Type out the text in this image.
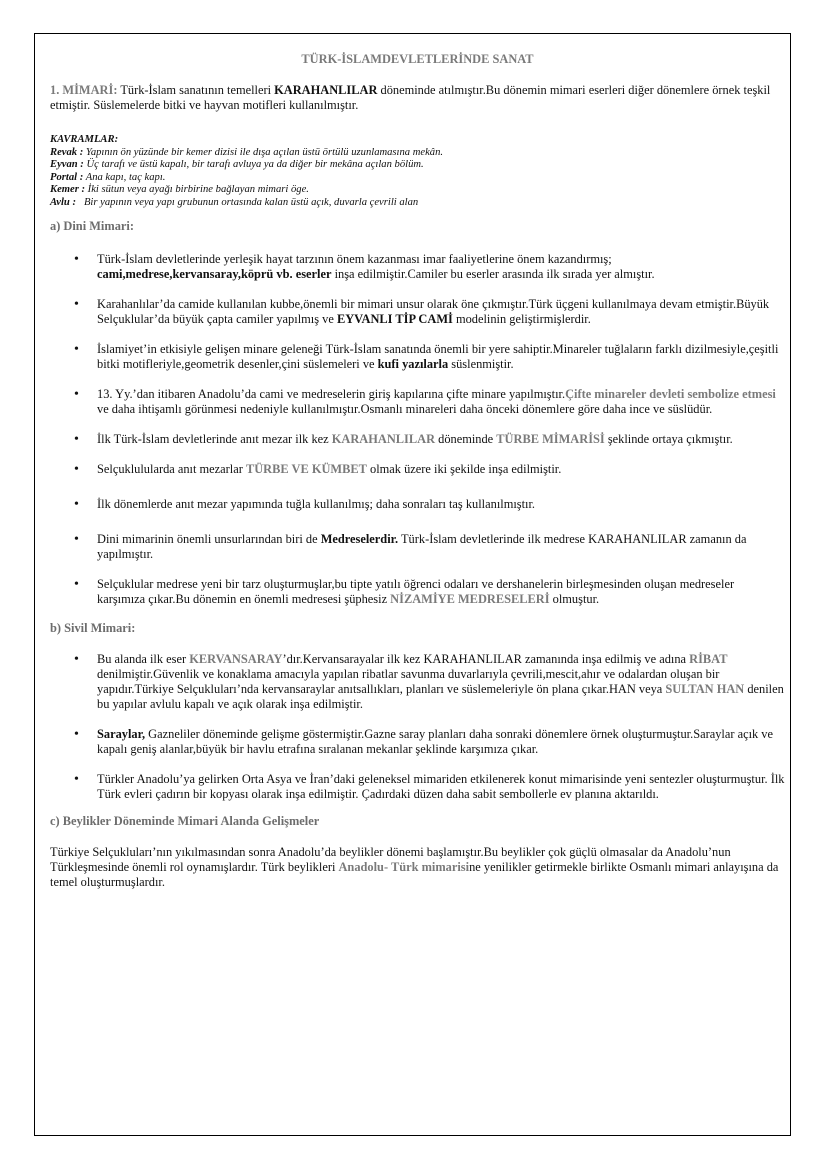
TÜRK-İSLAMDEVLETLERİNDE SANAT

1. MİMARİ: Türk-İslam sanatının temelleri KARAHANLILAR döneminde atılmıştır.Bu dönemin mimari eserleri diğer dönemlere örnek teşkil etmiştir. Süslemelerde bitki ve hayvan motifleri kullanılmıştır.

KAVRAMLAR:
Revak : Yapının ön yüzünde bir kemer dizisi ile dışa açılan üstü örtülü uzunlamasına mekân.
Eyvan : Üç tarafı ve üstü kapalı, bir tarafı avluya ya da diğer bir mekâna açılan bölüm.
Portal : Ana kapı, taç kapı.
Kemer : İki sütun veya ayağı birbirine bağlayan mimari öge.
Avlu :   Bir yapının veya yapı grubunun ortasında kalan üstü açık, duvarla çevrili alan
a) Dini Mimari:
• Türk-İslam devletlerinde yerleşik hayat tarzının önem kazanması imar faaliyetlerine önem kazandırmış; cami,medrese,kervansaray,köprü vb. eserler inşa edilmiştir.Camiler bu eserler arasında ilk sırada yer almıştır.
• Karahanlılar’da camide kullanılan kubbe,önemli bir mimari unsur olarak öne çıkmıştır.Türk üçgeni kullanılmaya devam etmiştir.Büyük Selçuklular’da büyük çapta camiler yapılmış ve EYVANLI TİP CAMİ modelinin geliştirmişlerdir.
• İslamiyet’in etkisiyle gelişen minare geleneği Türk-İslam sanatında önemli bir yere sahiptir.Minareler tuğlaların farklı dizilmesiyle,çeşitli bitki motifleriyle,geometrik desenler,çini süslemeleri ve kufi yazılarla süslenmiştir.
• 13. Yy.’dan itibaren Anadolu’da cami ve medreselerin giriş kapılarına çifte minare yapılmıştır.Çifte minareler devleti sembolize etmesi ve daha ihtişamlı görünmesi nedeniyle kullanılmıştır.Osmanlı minareleri daha önceki dönemlere göre daha ince ve süslüdür.
• İlk Türk-İslam devletlerinde anıt mezar ilk kez KARAHANLILAR döneminde TÜRBE MİMARİSİ şeklinde ortaya çıkmıştır.
• Selçuklulularda anıt mezarlar TÜRBE VE KÜMBET olmak üzere iki şekilde inşa edilmiştir.
• İlk dönemlerde anıt mezar yapımında tuğla kullanılmış; daha sonraları taş kullanılmıştır.
• Dini mimarinin önemli unsurlarından biri de Medreselerdir. Türk-İslam devletlerinde ilk medrese KARAHANLILAR zamanın da yapılmıştır.
• Selçuklular medrese yeni bir tarz oluşturmuşlar,bu tipte yatılı öğrenci odaları ve dershanelerin birleşmesinden oluşan medreseler karşımıza çıkar.Bu dönemin en önemli medresesi şüphesiz NİZAMİYE MEDRESELERİ olmuştur.
b) Sivil Mimari:
• Bu alanda ilk eser KERVANSARAY’dır.Kervansarayalar ilk kez KARAHANLILAR zamanında inşa edilmiş ve adına RİBAT denilmiştir.Güvenlik ve konaklama amacıyla yapılan ribatlar savunma duvarlarıyla çevrili,mescit,ahır ve odalardan oluşan bir yapıdır.Türkiye Selçukluları’nda kervansaraylar anıtsallıkları, planları ve süslemeleriyle ön plana çıkar.HAN veya SULTAN HAN denilen bu yapılar avlulu kapalı ve açık olarak inşa edilmiştir.
• Saraylar, Gazneliler döneminde gelişme göstermiştir.Gazne saray planları daha sonraki dönemlere örnek oluşturmuştur.Saraylar açık ve kapalı geniş alanlar,büyük bir havlu etrafına sıralanan mekanlar şeklinde karşımıza çıkar.
• Türkler Anadolu’ya gelirken Orta Asya ve İran’daki geleneksel mimariden etkilenerek konut mimarisinde yeni sentezler oluşturmuştur. İlk Türk evleri çadırın bir kopyası olarak inşa edilmiştir. Çadırdaki düzen daha sabit sembollerle ev planına aktarıldı.
c) Beylikler Döneminde Mimari Alanda Gelişmeler

Türkiye Selçukluları’nın yıkılmasından sonra Anadolu’da beylikler dönemi başlamıştır.Bu beylikler çok güçlü olmasalar da Anadolu’nun Türkleşmesinde önemli rol oynamışlardır. Türk beylikleri Anadolu- Türk mimarisine yenilikler getirmekle birlikte Osmanlı mimari anlayışına da temel oluşturmuşlardır.
